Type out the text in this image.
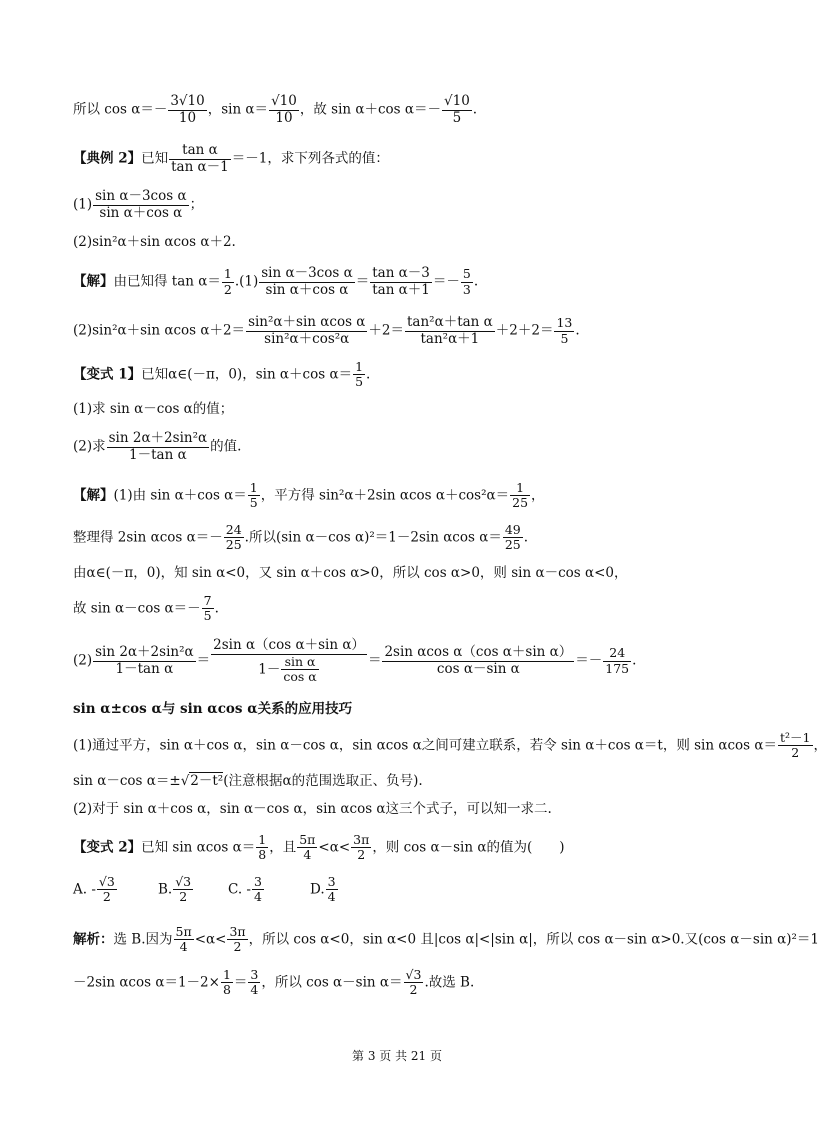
所以 $\cos \alpha=- \frac{3√10}{10}$ ，$\sin \alpha= \frac{√10}{10}$ ，故 sin α＋cos $\alpha=- \frac{√10}{5}$ .
【典例 2】已知 $\frac{\text{tan α}}{\text{tan α－1}} =-1$，求下列各式的值：
$(1) \frac{\text{sin α－3cos α}}{\text{sin α＋cos α}}$ ；
(2)sin²α＋sin αcos α＋2.
【解】由已知得 $\tan \alpha= \frac{1}{2} .(1) \frac{\text{sin α－3cos α}}{\text{sin α＋cos α}} = \frac{\text{tan α－3}}{\text{tan α＋1}} =- \frac{5}{3}$ .
(2)sin²α＋sin αcos $\alpha+2= \frac{\text{sin²α＋sin αcos α}}{\text{sin²α＋cos²α}} +2= \frac{\text{tan²α＋tan α}}{\text{tan²α＋1}} +2+2= \frac{13}{5}$ .
【变式 1】已知α∈(－π，0)，sin α＋cos $\alpha= \frac{1}{5}$ .
(1)求 sin α－cos α的值；
(2)求 $\frac{\text{sin 2α＋2sin²α}}{\text{1－tan α}}$ 的值.
【解】(1)由 sin α＋cos $\alpha= \frac{1}{5}$ ，平方得 sin²α＋2sin αcos $\alpha+\cos^2\alpha= \frac{1}{25}$ ，
整理得 2sin αcos $\alpha=- \frac{24}{25}$ .所以(sin α－cos α)²＝1－2sin αcos $\alpha= \frac{49}{25}$ .
由α∈(－π，0)，知 sin α<0，又 sin α＋cos α>0，所以 cos α>0，则 sin α－cos α<0，
故 sin α－cos $\alpha=- \frac{7}{5}$ .
$(2) \frac{\text{sin 2α＋2sin²α}}{\text{1－tan α}} = \frac{\text{2sin α（cos α＋sin α）}}{1- \frac{\text{sin α}}{\text{cos α}}} = \frac{\text{2sin αcos α（cos α＋sin α）}}{\text{cos α－sin α}} =- \frac{24}{175}$ .
sin α±cos α与 sin αcos α关系的应用技巧
(1)通过平方，sin α＋cos α，sin α－cos α，sin αcos α之间可建立联系，若令 sin α＋cos α＝t，则 sin αcos $\alpha= \frac{\text{t²－1}}{2}$ ，
sin α－cos α＝±√2－t²(注意根据α的范围选取正、负号).
(2)对于 sin α＋cos α，sin α－cos α，sin αcos α这三个式子，可以知一求二.
【变式 2】已知 sin αcos $\alpha= \frac{1}{8}$ ，且 $\frac{5\pi}{4} <\alpha< \frac{3\pi}{2}$ ，则 cos α－sin α的值为(　　)
A. - $\frac{√3}{2}$	B. $\frac{√3}{2}$	C. - $\frac{3}{4}$	D. $\frac{3}{4}$
解析：选 B.因为 $\frac{5\pi}{4} <\alpha< \frac{3\pi}{2}$ ，所以 cos α<0，sin α<0 且|cos α|<|sin α|，所以 cos α－sin α>0.又(cos α－sin α)²＝1
－2sin αcos $\alpha=1-2\times \frac{1}{8} = \frac{3}{4}$ ，所以 cos α－sin $\alpha= \frac{√3}{2}$ .故选 B.
第 3 页 共 21 页
